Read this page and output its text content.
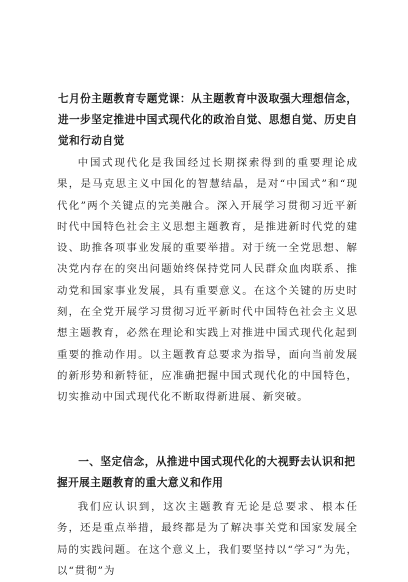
七月份主题教育专题党课：从主题教育中汲取强大理想信念，进一步坚定推进中国式现代化的政治自觉、思想自觉、历史自觉和行动自觉

中国式现代化是我国经过长期探索得到的重要理论成果，是马克思主义中国化的智慧结晶，是对“中国式”和“现代化”两个关键点的完美融合。深入开展学习贯彻习近平新时代中国特色社会主义思想主题教育，是推进新时代党的建设、助推各项事业发展的重要举措。对于统一全党思想、解决党内存在的突出问题始终保持党同人民群众血肉联系、推动党和国家事业发展，具有重要意义。在这个关键的历史时刻，在全党开展学习贯彻习近平新时代中国特色社会主义思想主题教育，必然在理论和实践上对推进中国式现代化起到重要的推动作用。以主题教育总要求为指导，面向当前发展的新形势和新特征，应准确把握中国式现代化的中国特色，切实推动中国式现代化不断取得新进展、新突破。

一、坚定信念，从推进中国式现代化的大视野去认识和把握开展主题教育的重大意义和作用

我们应认识到，这次主题教育无论是总要求、根本任务，还是重点举措，最终都是为了解决事关党和国家发展全局的实践问题。在这个意义上，我们要坚持以“学习”为先，以“贯彻”为
